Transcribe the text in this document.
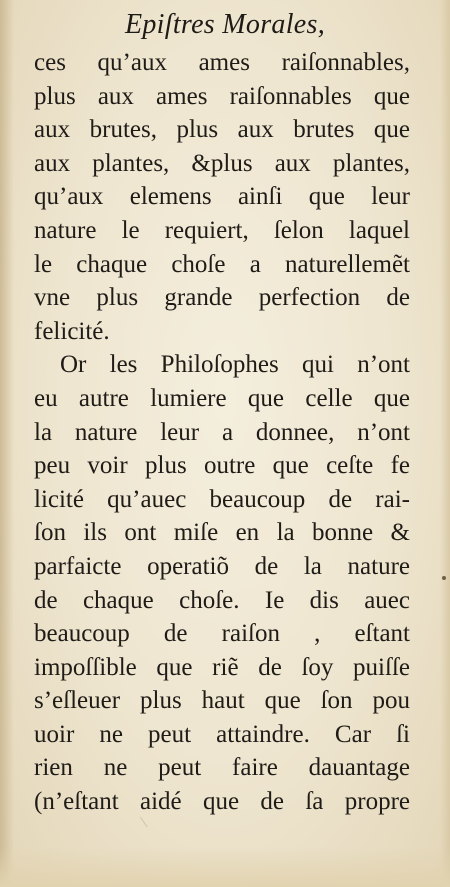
Epiſtres Morales,
ces qu’aux ames raiſonnables,
plus aux ames raiſonnables que
aux brutes, plus aux brutes que
aux plantes, &plus aux plantes,
qu’aux elemens ainſi que leur
nature le requiert, ſelon laquel
le chaque choſe a naturellemẽt
vne plus grande perfection de
felicité.
Or les Philoſophes qui n’ont
eu autre lumiere que celle que
la nature leur a donnee, n’ont
peu voir plus outre que ceſte fe
licité qu’auec beaucoup de rai-
ſon ils ont miſe en la bonne &
parfaicte operatiõ de la nature
de chaque choſe. Ie dis auec
beaucoup de raiſon , eſtant
impoſſible que riẽ de ſoy puiſſe
s’eſleuer plus haut que ſon pou
uoir ne peut attaindre. Car ſi
rien ne peut faire dauantage
(n’eſtant aidé que de ſa propre
